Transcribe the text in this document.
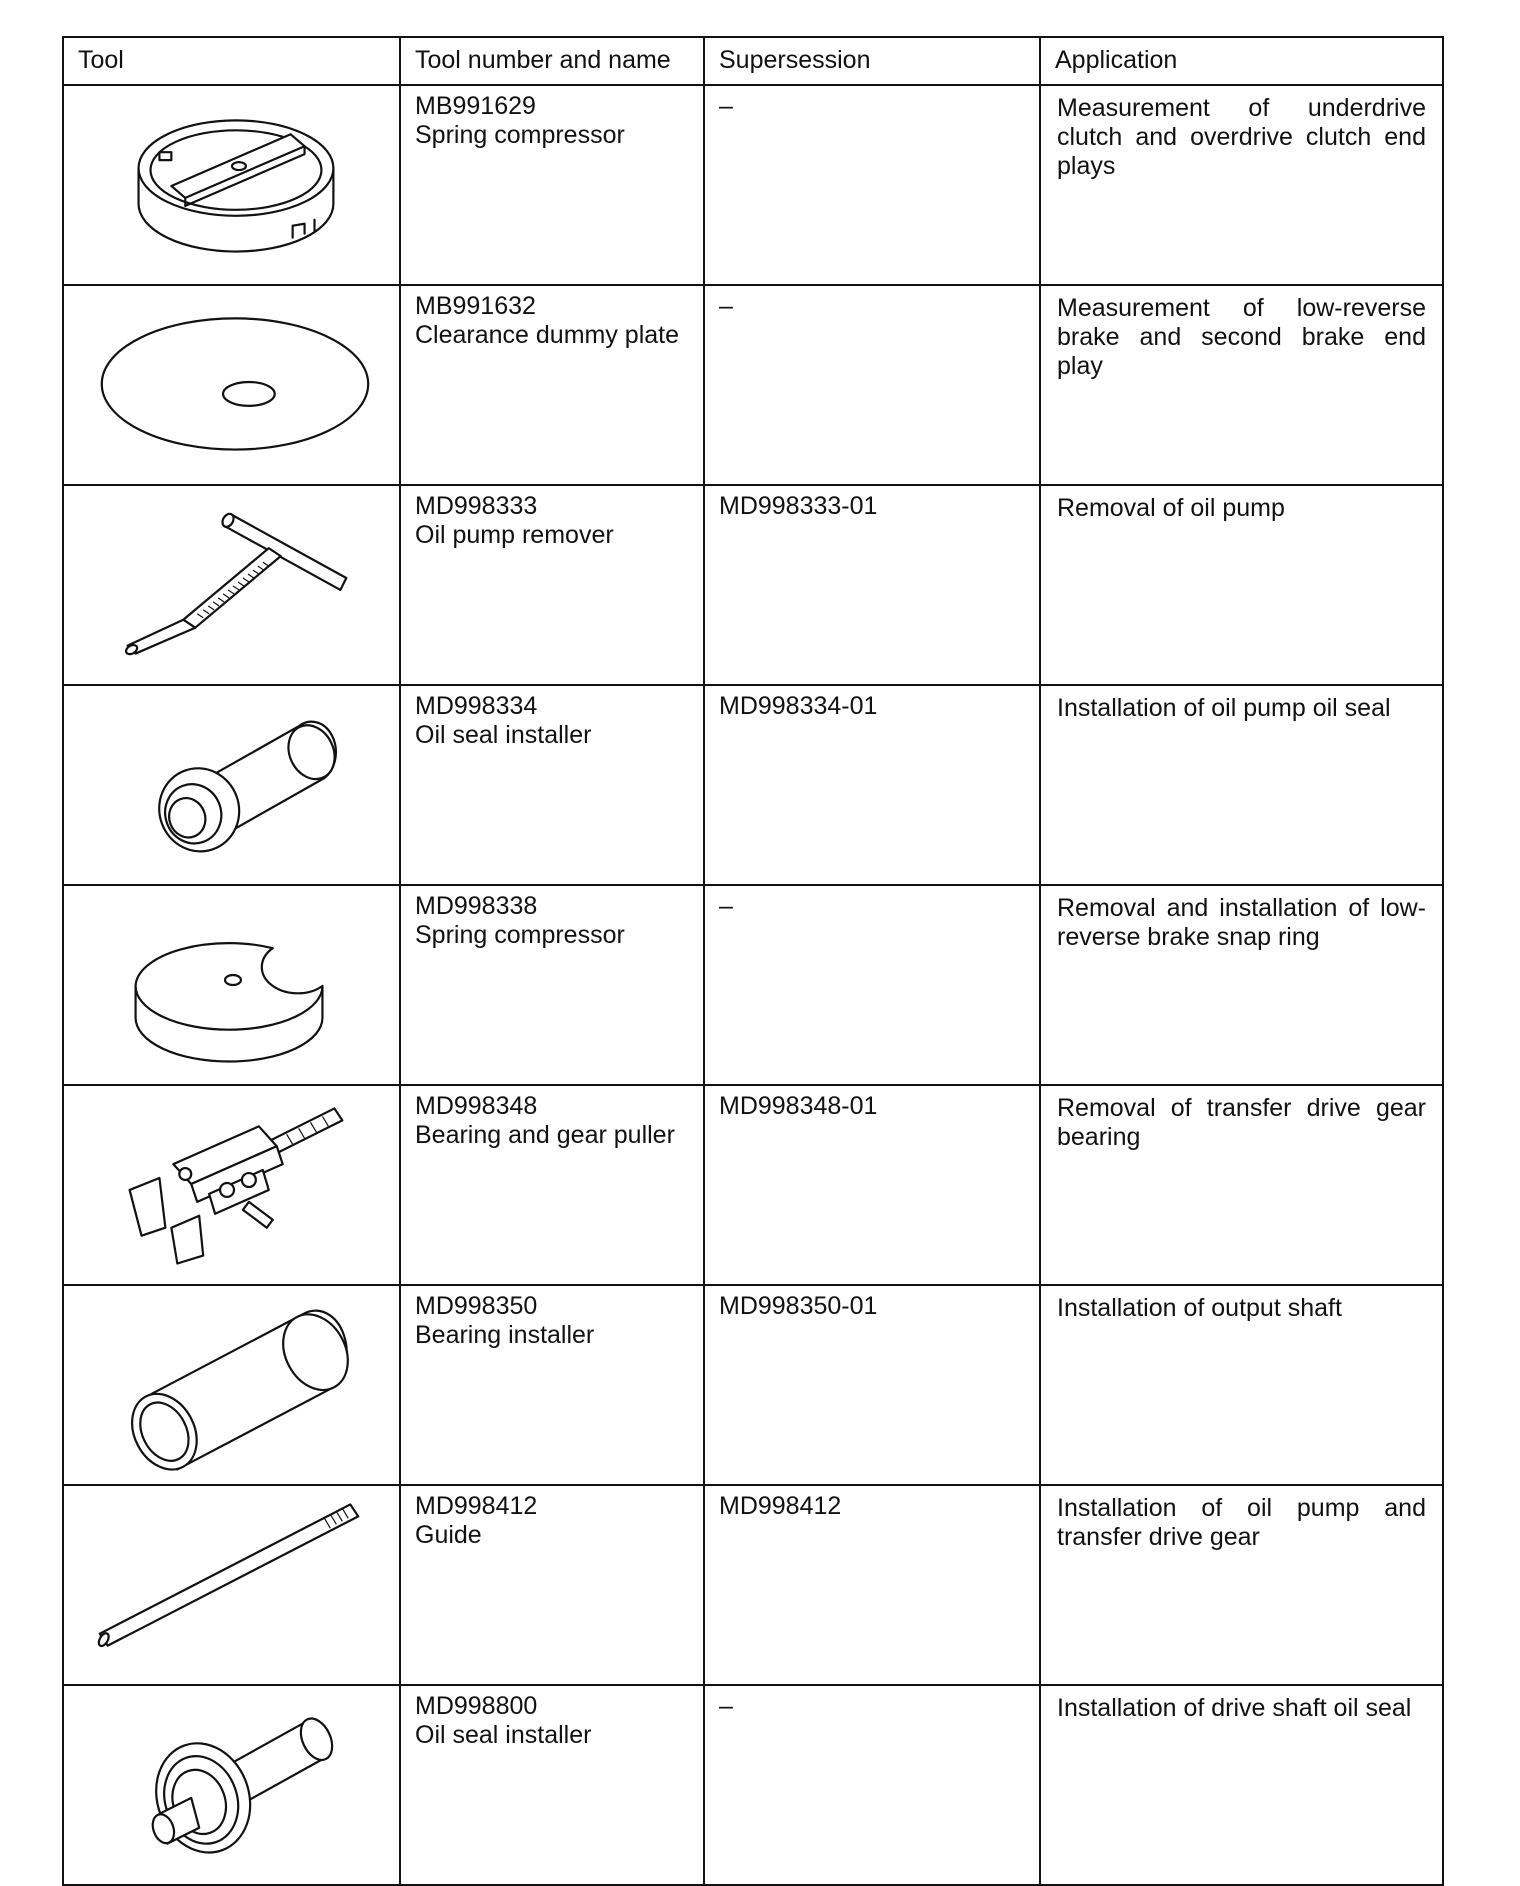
Tool	Tool number and name	Supersession	Application

MB991629
Spring compressor	–	Measurement of underdrive clutch and overdrive clutch end plays

MB991632
Clearance dummy plate	–	Measurement of low-reverse brake and second brake end play

MD998333
Oil pump remover	MD998333-01	Removal of oil pump

MD998334
Oil seal installer	MD998334-01	Installation of oil pump oil seal

MD998338
Spring compressor	–	Removal and installation of low-reverse brake snap ring

MD998348
Bearing and gear puller	MD998348-01	Removal of transfer drive gear bearing

MD998350
Bearing installer	MD998350-01	Installation of output shaft

MD998412
Guide	MD998412	Installation of oil pump and transfer drive gear

MD998800
Oil seal installer	–	Installation of drive shaft oil seal
